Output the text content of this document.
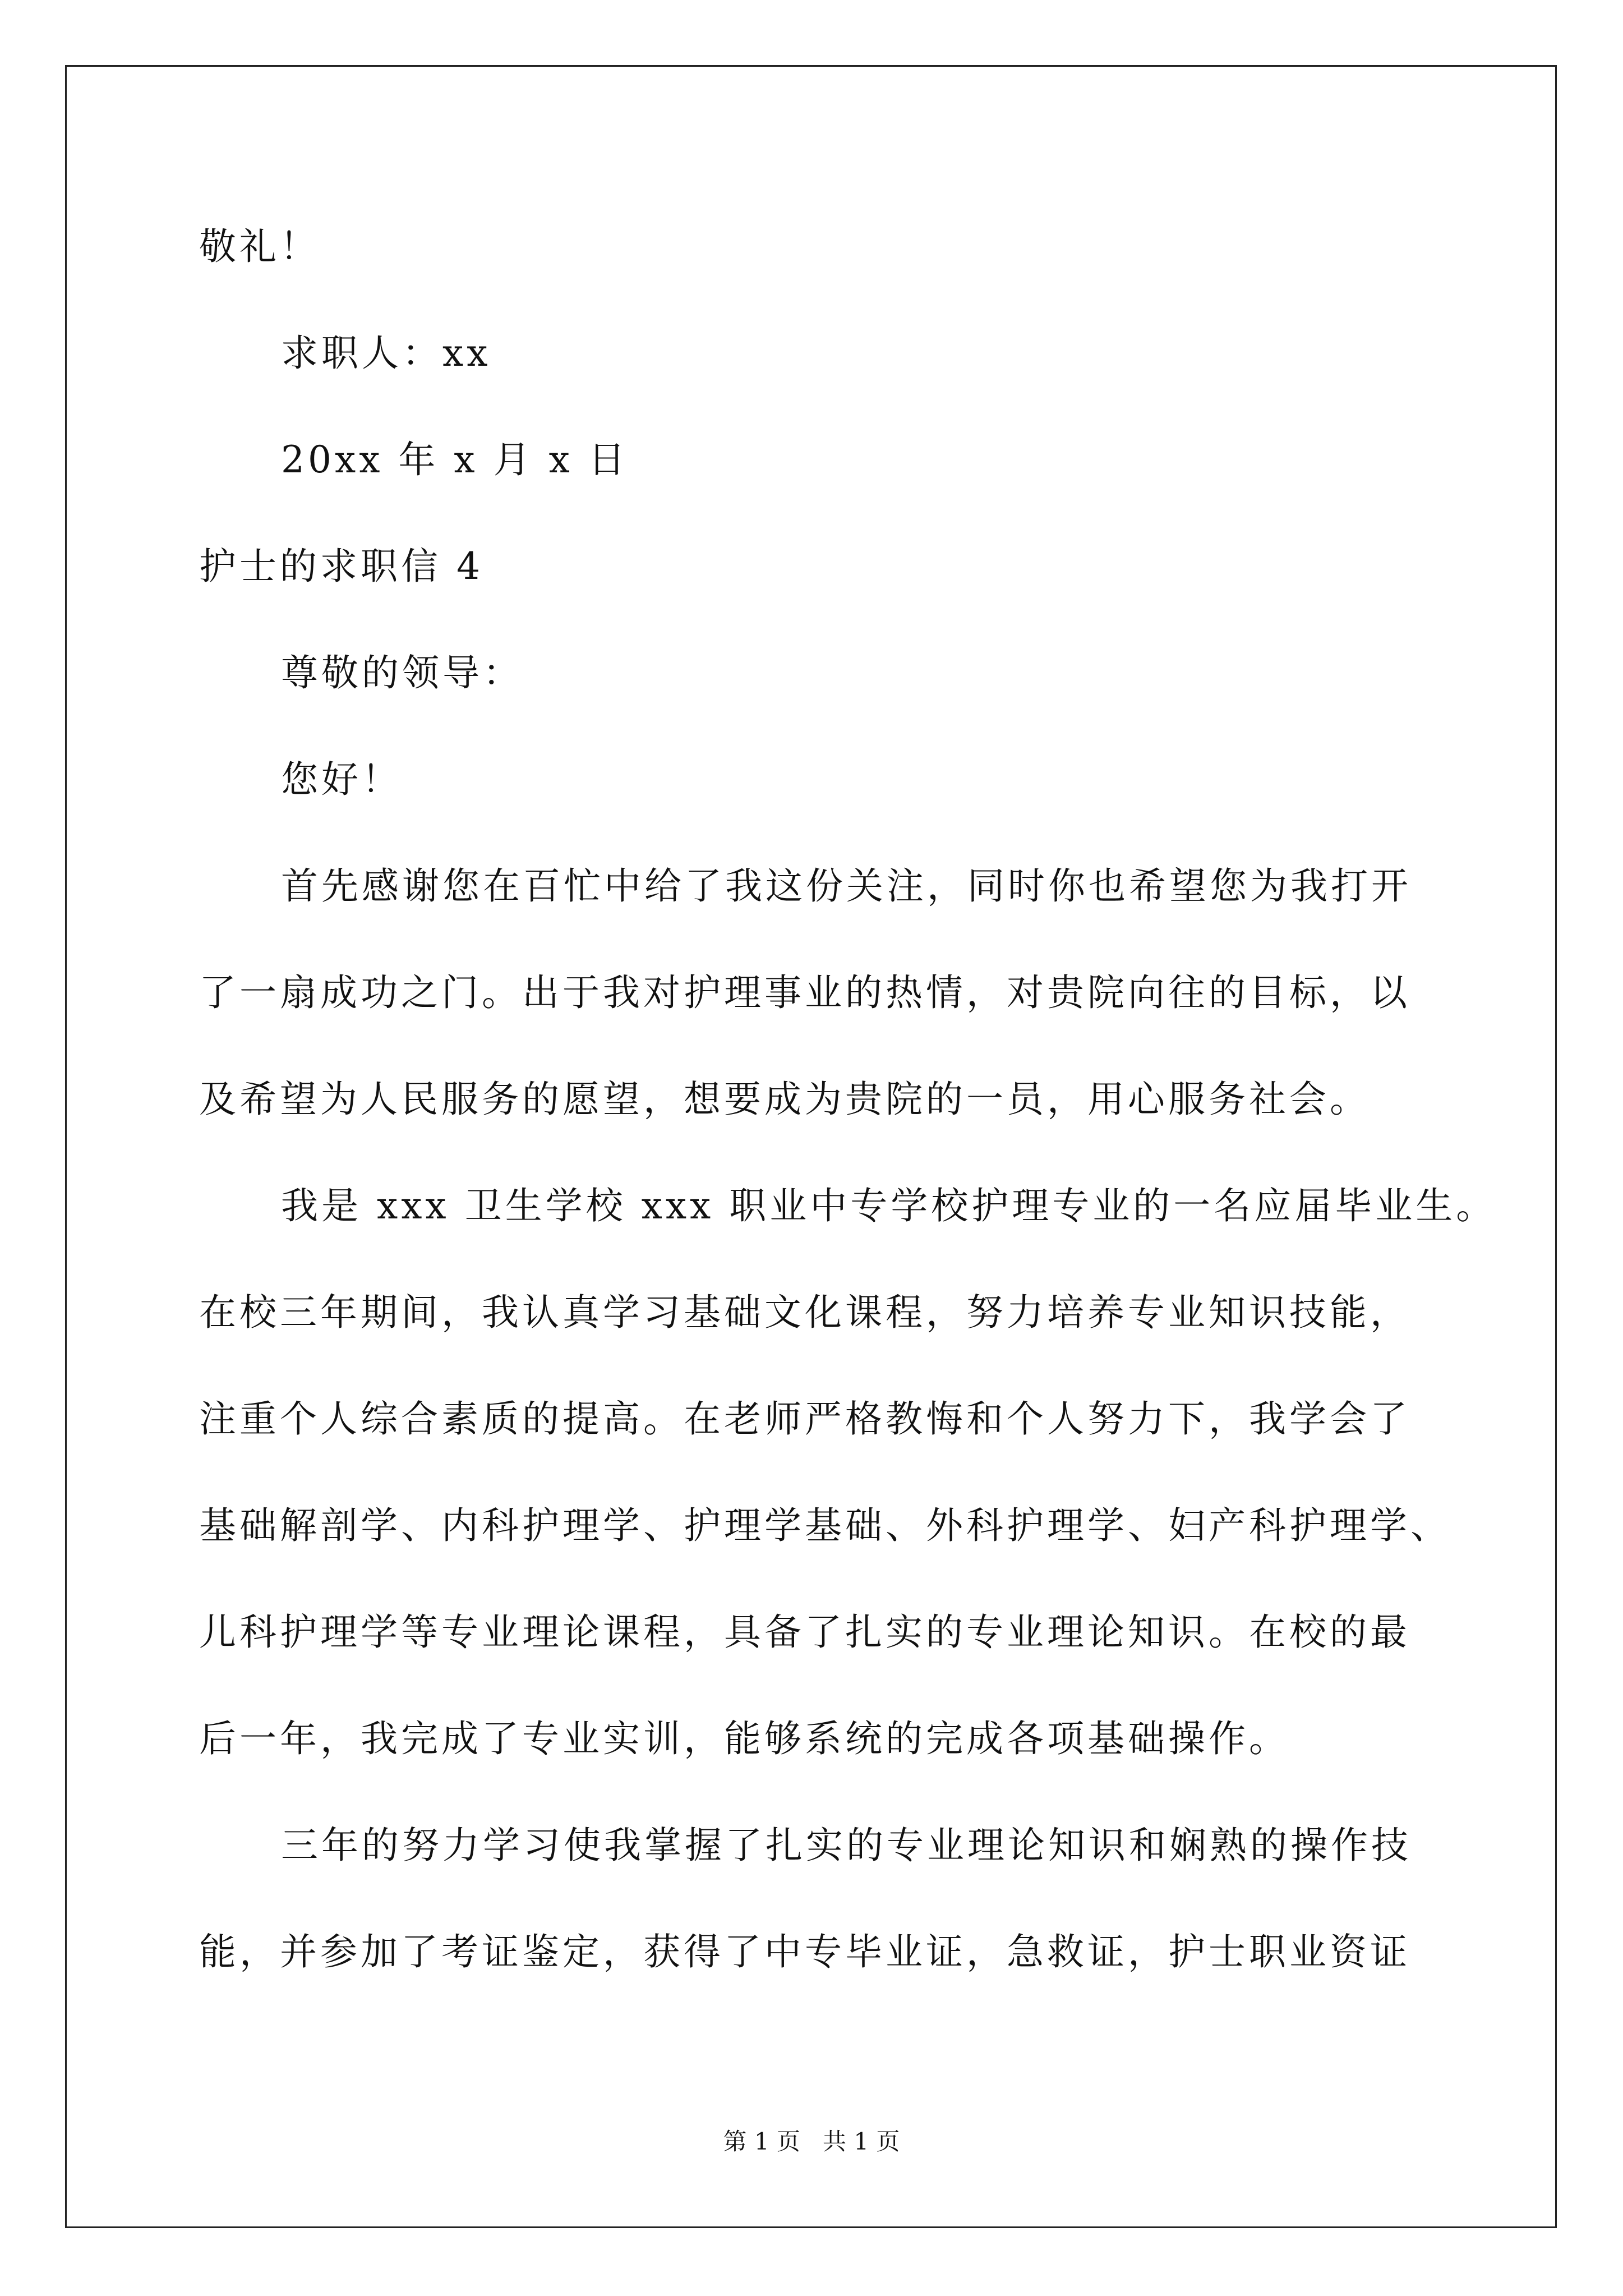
敬礼！
求职人：xx
20xx 年 x 月 x 日
护士的求职信 4
尊敬的领导：
您好！
首先感谢您在百忙中给了我这份关注，同时你也希望您为我打开
了一扇成功之门。出于我对护理事业的热情，对贵院向往的目标，以
及希望为人民服务的愿望，想要成为贵院的一员，用心服务社会。
我是 xxx 卫生学校 xxx 职业中专学校护理专业的一名应届毕业生。
在校三年期间，我认真学习基础文化课程，努力培养专业知识技能，
注重个人综合素质的提高。在老师严格教悔和个人努力下，我学会了
基础解剖学、内科护理学、护理学基础、外科护理学、妇产科护理学、
儿科护理学等专业理论课程，具备了扎实的专业理论知识。在校的最
后一年，我完成了专业实训，能够系统的完成各项基础操作。
三年的努力学习使我掌握了扎实的专业理论知识和娴熟的操作技
能，并参加了考证鉴定，获得了中专毕业证，急救证，护士职业资证
第 1 页   共 1 页
